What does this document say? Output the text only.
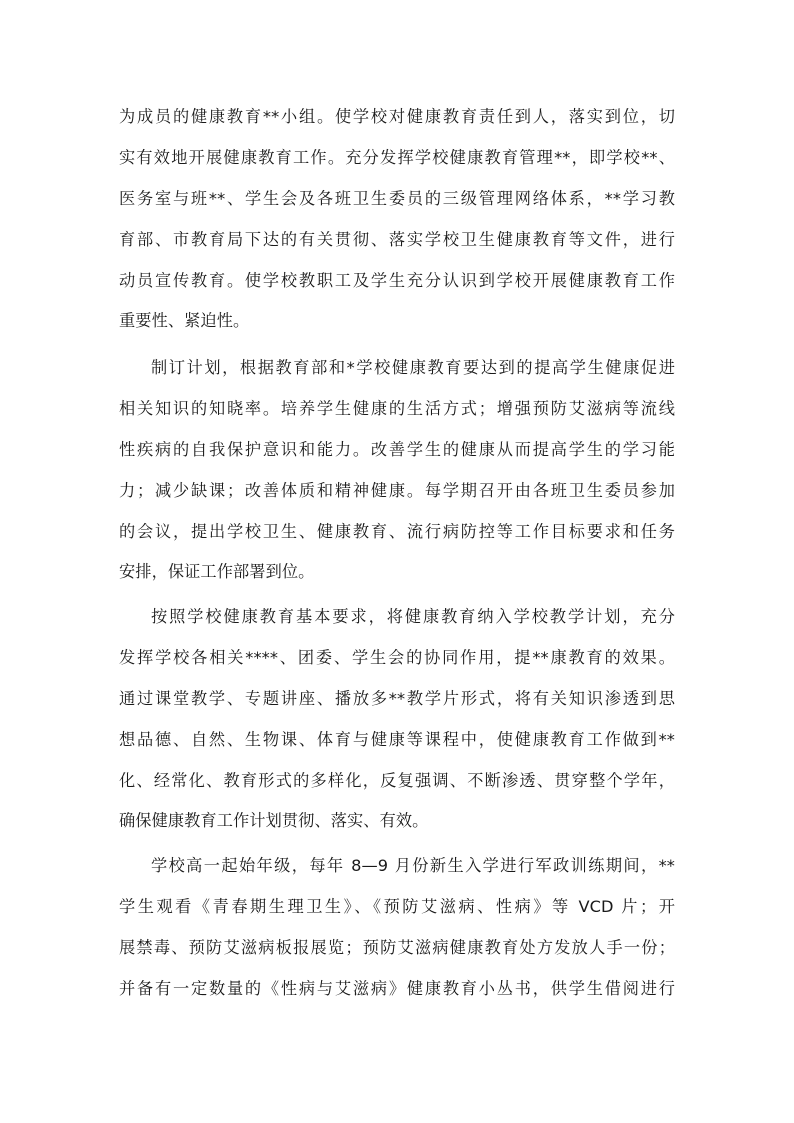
为成员的健康教育**小组。使学校对健康教育责任到人，落实到位，切
实有效地开展健康教育工作。充分发挥学校健康教育管理**，即学校**、
医务室与班**、学生会及各班卫生委员的三级管理网络体系，**学习教
育部、市教育局下达的有关贯彻、落实学校卫生健康教育等文件，进行
动员宣传教育。使学校教职工及学生充分认识到学校开展健康教育工作
重要性、紧迫性。
制订计划，根据教育部和*学校健康教育要达到的提高学生健康促进
相关知识的知晓率。培养学生健康的生活方式；增强预防艾滋病等流线
性疾病的自我保护意识和能力。改善学生的健康从而提高学生的学习能
力；减少缺课；改善体质和精神健康。每学期召开由各班卫生委员参加
的会议，提出学校卫生、健康教育、流行病防控等工作目标要求和任务
安排，保证工作部署到位。
按照学校健康教育基本要求，将健康教育纳入学校教学计划，充分
发挥学校各相关****、团委、学生会的协同作用，提**康教育的效果。
通过课堂教学、专题讲座、播放多**教学片形式，将有关知识渗透到思
想品德、自然、生物课、体育与健康等课程中，使健康教育工作做到**
化、经常化、教育形式的多样化，反复强调、不断渗透、贯穿整个学年，
确保健康教育工作计划贯彻、落实、有效。
学校高一起始年级，每年 8—9 月份新生入学进行军政训练期间，**
学生观看《青春期生理卫生》、《预防艾滋病、性病》等 VCD 片；开
展禁毒、预防艾滋病板报展览；预防艾滋病健康教育处方发放人手一份；
并备有一定数量的《性病与艾滋病》健康教育小丛书，供学生借阅进行
